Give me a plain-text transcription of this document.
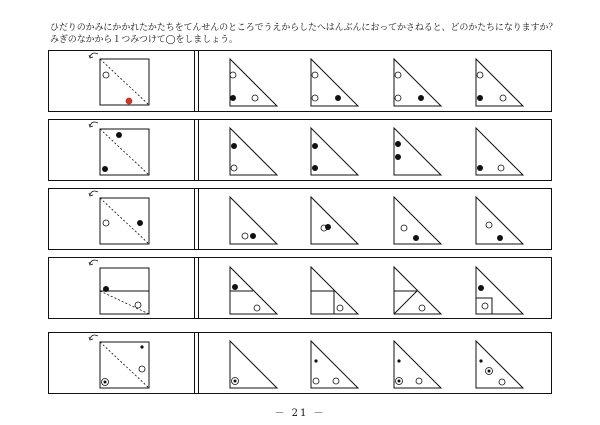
ひだりのかみにかかれたかたちをてんせんのところでうえからしたへはんぶんにおってかさねると、どのかたちになりますか？
みぎのなかから１つみつけて◯をしましょう。
－ 21 －
